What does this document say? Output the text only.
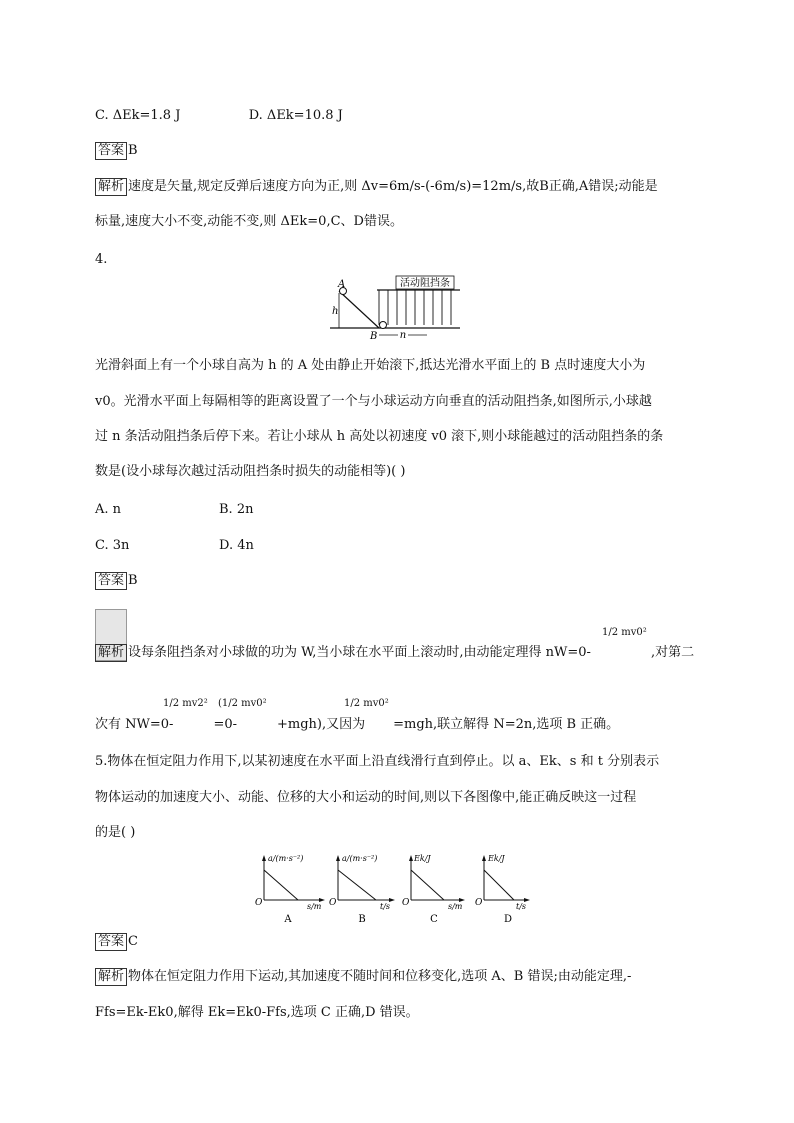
C. ΔEk=1.8 J	D. ΔEk=10.8 J
答案 B
解析 速度是矢量,规定反弹后速度方向为正,则 Δv=6m/s-(-6m/s)=12m/s,故B正确,A错误;动能是
标量,速度大小不变,动能不变,则 ΔEk=0,C、D错误。
4.
活动阻挡条
A
h
B n
光滑斜面上有一个小球自高为 h 的 A 处由静止开始滚下,抵达光滑水平面上的 B 点时速度大小为
v0。光滑水平面上每隔相等的距离设置了一个与小球运动方向垂直的活动阻挡条,如图所示,小球越
过 n 条活动阻挡条后停下来。若让小球从 h 高处以初速度 v0 滚下,则小球能越过的活动阻挡条的条
数是(设小球每次越过活动阻挡条时损失的动能相等)( )
A. n	B. 2n
C. 3n	D. 4n
答案 B
1/2 mv0²
解析 设每条阻挡条对小球做的功为 W,当小球在水平面上滚动时,由动能定理得 nW=0-	,对第二
1/2 mv2² (1/2 mv0²	1/2 mv0²
次有 NW=0-	=0-	+mgh),又因为 =mgh,联立解得 N=2n,选项 B 正确。
5.物体在恒定阻力作用下,以某初速度在水平面上沿直线滑行直到停止。以 a、Ek、s 和 t 分别表示
物体运动的加速度大小、动能、位移的大小和运动的时间,则以下各图像中,能正确反映这一过程
的是( )
a/(m·s⁻²)
s/m
O
A
a/(m·s⁻²)
t/s
O
B
Ek/J
s/m
O
C
Ek/J
t/s
O
D
答案 C
解析 物体在恒定阻力作用下运动,其加速度不随时间和位移变化,选项 A、B 错误;由动能定理,-
Ffs=Ek-Ek0,解得 Ek=Ek0-Ffs,选项 C 正确,D 错误。
